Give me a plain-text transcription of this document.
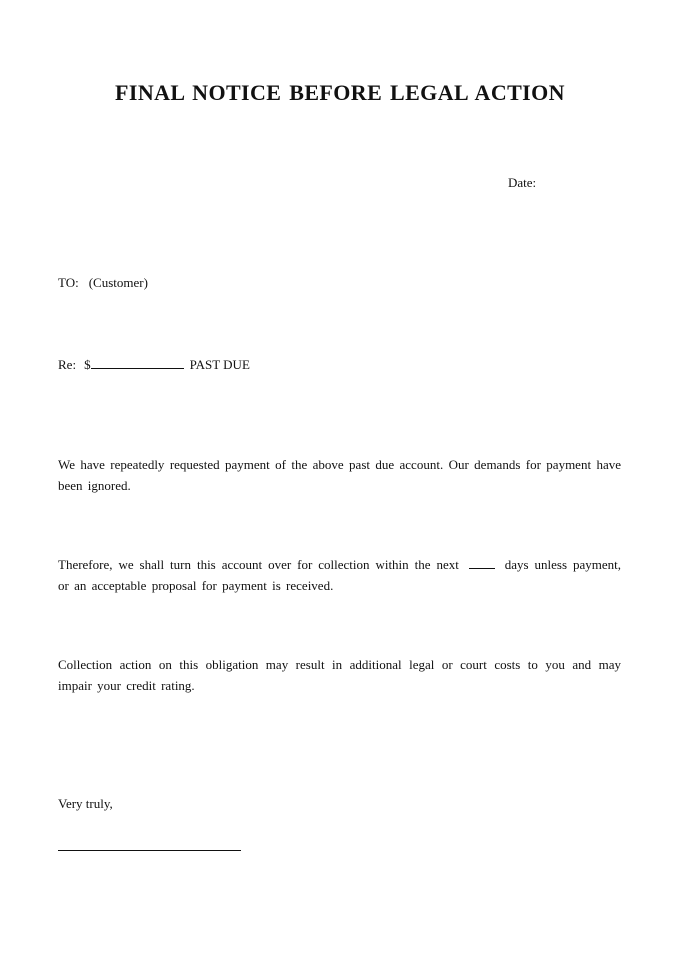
FINAL NOTICE BEFORE LEGAL ACTION
Date:
TO: (Customer)
Re: $	PAST DUE

We have repeatedly requested payment of the above past due account. Our demands for payment have been ignored.

Therefore, we shall turn this account over for collection within the next	days unless payment, or an acceptable proposal for payment is received.

Collection action on this obligation may result in additional legal or court costs to you and may impair your credit rating.

Very truly,
